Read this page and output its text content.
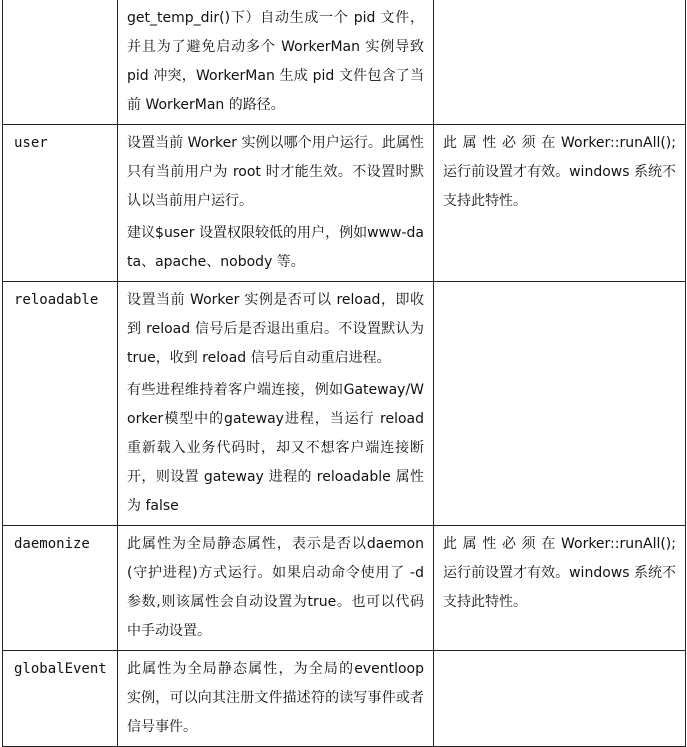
	get_temp_dir()下）自动生成一个 pid 文件，并且为了避免启动多个 WorkerMan 实例导致 pid 冲突，WorkerMan 生成 pid 文件包含了当前 WorkerMan 的路径。	

user	设置当前 Worker 实例以哪个用户运行。此属性只有当前用户为 root 时才能生效。不设置时默认以当前用户运行。
建议$user 设置权限较低的用户，例如www-data、apache、nobody 等。	此 属 性 必 须 在 Worker::runAll();运行前设置才有效。windows 系统不支持此特性。

reloadable	设置当前 Worker 实例是否可以 reload，即收到 reload 信号后是否退出重启。不设置默认为 true，收到 reload 信号后自动重启进程。
有些进程维持着客户端连接，例如Gateway/Worker模型中的gateway进程，当运行 reload 重新载入业务代码时，却又不想客户端连接断开，则设置 gateway 进程的 reloadable 属性为 false	

daemonize	此属性为全局静态属性，表示是否以daemon(守护进程)方式运行。如果启动命令使用了 -d 参数,则该属性会自动设置为true。也可以代码中手动设置。	此 属 性 必 须 在 Worker::runAll();运行前设置才有效。windows 系统不支持此特性。

globalEvent	此属性为全局静态属性，为全局的eventloop 实例，可以向其注册文件描述符的读写事件或者信号事件。	
